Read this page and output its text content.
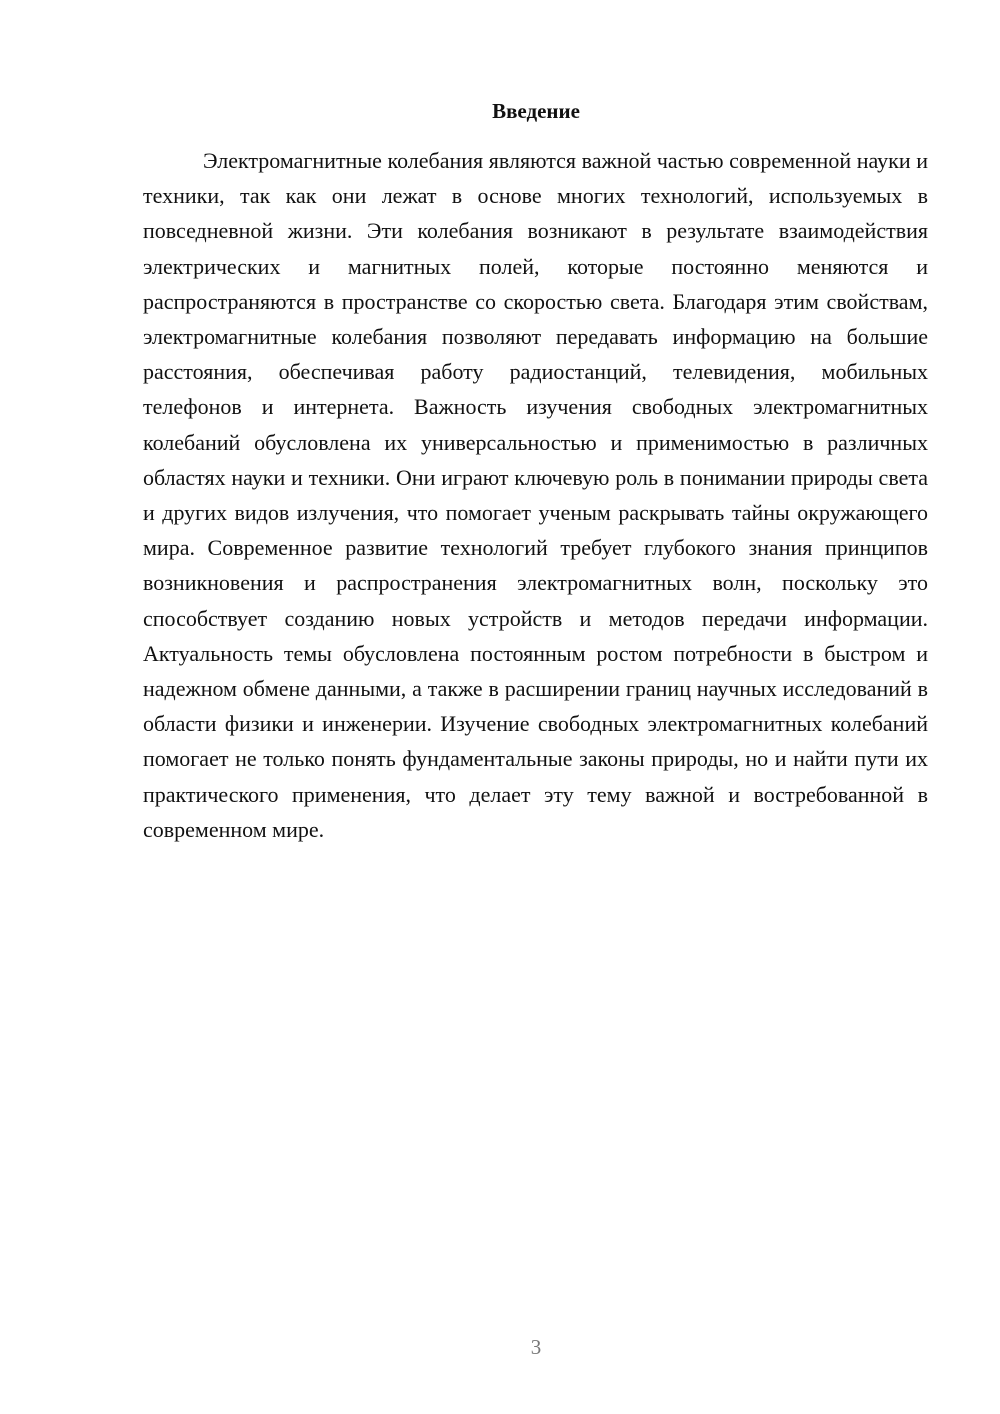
Введение

Электромагнитные колебания являются важной частью современной науки и техники, так как они лежат в основе многих технологий, используемых в повседневной жизни. Эти колебания возникают в результате взаимодействия электрических и магнитных полей, которые постоянно меняются и распространяются в пространстве со скоростью света. Благодаря этим свойствам, электромагнитные колебания позволяют передавать информацию на большие расстояния, обеспечивая работу радиостанций, телевидения, мобильных телефонов и интернета. Важность изучения свободных электромагнитных колебаний обусловлена их универсальностью и применимостью в различных областях науки и техники. Они играют ключевую роль в понимании природы света и других видов излучения, что помогает ученым раскрывать тайны окружающего мира. Современное развитие технологий требует глубокого знания принципов возникновения и распространения электромагнитных волн, поскольку это способствует созданию новых устройств и методов передачи информации. Актуальность темы обусловлена постоянным ростом потребности в быстром и надежном обмене данными, а также в расширении границ научных исследований в области физики и инженерии. Изучение свободных электромагнитных колебаний помогает не только понять фундаментальные законы природы, но и найти пути их практического применения, что делает эту тему важной и востребованной в современном мире.

3
